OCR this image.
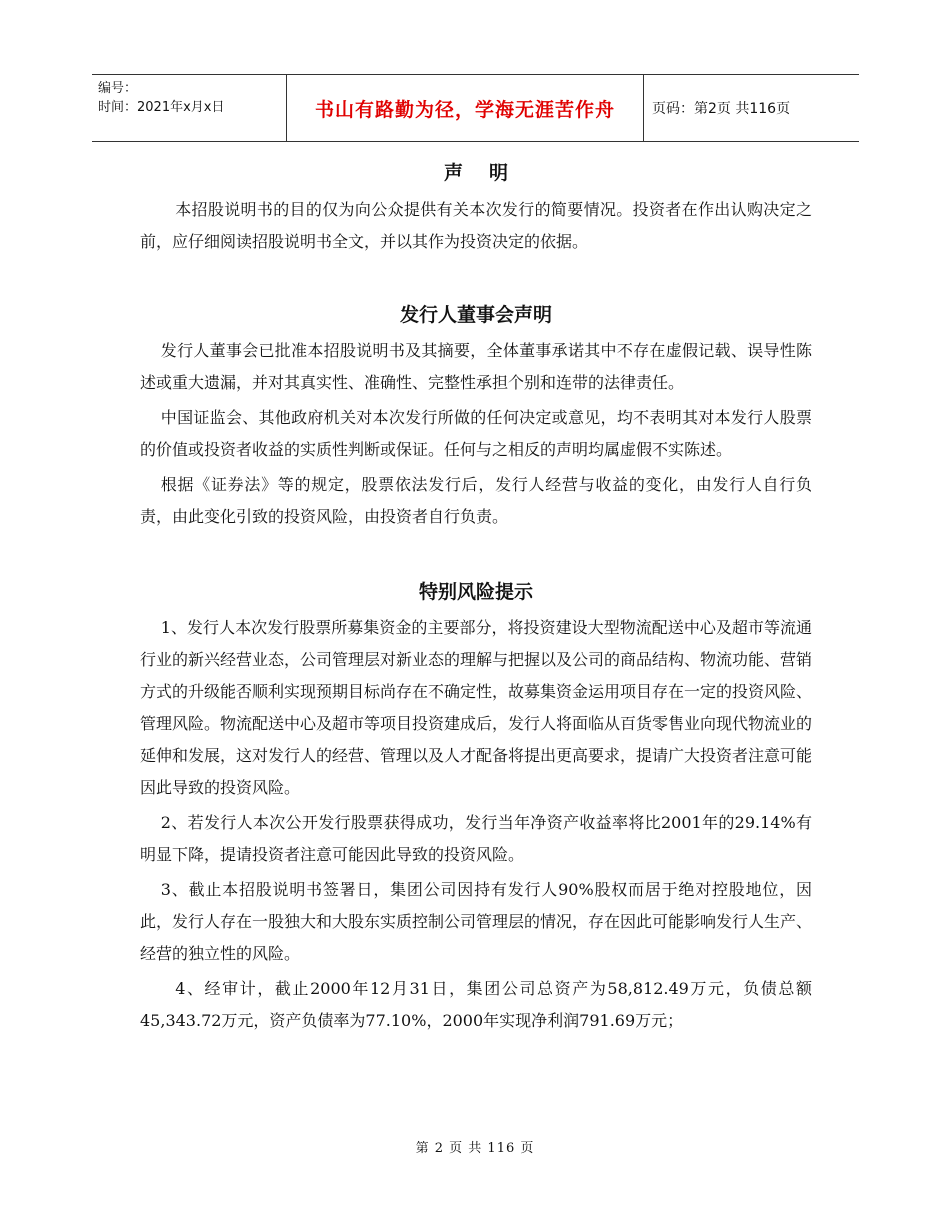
编号：
时间：2021年x月x日	书山有路勤为径，学海无涯苦作舟	页码：第2页 共116页
声明

本招股说明书的目的仅为向公众提供有关本次发行的简要情况。投资者在作出认购决定之前，应仔细阅读招股说明书全文，并以其作为投资决定的依据。

发行人董事会声明

发行人董事会已批准本招股说明书及其摘要，全体董事承诺其中不存在虚假记载、误导性陈述或重大遗漏，并对其真实性、准确性、完整性承担个别和连带的法律责任。

中国证监会、其他政府机关对本次发行所做的任何决定或意见，均不表明其对本发行人股票的价值或投资者收益的实质性判断或保证。任何与之相反的声明均属虚假不实陈述。

根据《证券法》等的规定，股票依法发行后，发行人经营与收益的变化，由发行人自行负责，由此变化引致的投资风险，由投资者自行负责。

特别风险提示

1、发行人本次发行股票所募集资金的主要部分，将投资建设大型物流配送中心及超市等流通行业的新兴经营业态，公司管理层对新业态的理解与把握以及公司的商品结构、物流功能、营销方式的升级能否顺利实现预期目标尚存在不确定性，故募集资金运用项目存在一定的投资风险、管理风险。物流配送中心及超市等项目投资建成后，发行人将面临从百货零售业向现代物流业的延伸和发展，这对发行人的经营、管理以及人才配备将提出更高要求，提请广大投资者注意可能因此导致的投资风险。

2、若发行人本次公开发行股票获得成功，发行当年净资产收益率将比2001年的29.14%有明显下降，提请投资者注意可能因此导致的投资风险。

3、截止本招股说明书签署日，集团公司因持有发行人90%股权而居于绝对控股地位，因此，发行人存在一股独大和大股东实质控制公司管理层的情况，存在因此可能影响发行人生产、经营的独立性的风险。

4、经审计，截止2000年12月31日，集团公司总资产为58,812.49万元，负债总额45,343.72万元，资产负债率为77.10%，2000年实现净利润791.69万元；

第 2 页 共 116 页
